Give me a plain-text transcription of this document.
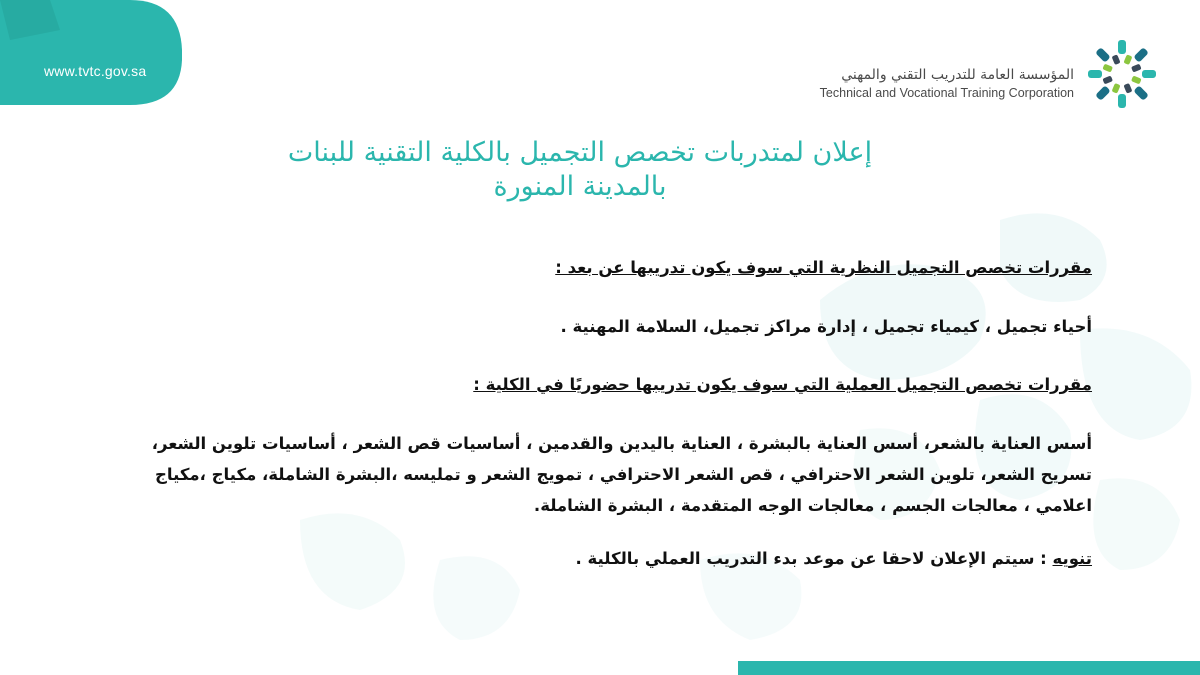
www.tvtc.gov.sa	المؤسسة العامة للتدريب التقني والمهني
Technical and Vocational Training Corporation
إعلان لمتدربات تخصص التجميل بالكلية التقنية للبنات
بالمدينة المنورة
مقررات تخصص التجميل النظرية التي سوف يكون تدريبها عن بعد :
أحياء تجميل ، كيمياء تجميل ، إدارة مراكز تجميل، السلامة المهنية .
مقررات تخصص التجميل العملية التي سوف يكون تدريبها حضوريًا في الكلية :
أسس العناية بالشعر، أسس العناية بالبشرة ، العناية باليدين والقدمين ، أساسيات قص الشعر ، أساسيات تلوين الشعر،
تسريح الشعر، تلوين الشعر الاحترافي ، قص الشعر الاحترافي ، تمويج الشعر و تمليسه ،البشرة الشاملة، مكياج ،مكياج
اعلامي ، معالجات الجسم ، معالجات الوجه المتقدمة ، البشرة الشاملة.
تنويه : سيتم الإعلان لاحقا عن موعد بدء التدريب العملي بالكلية .
